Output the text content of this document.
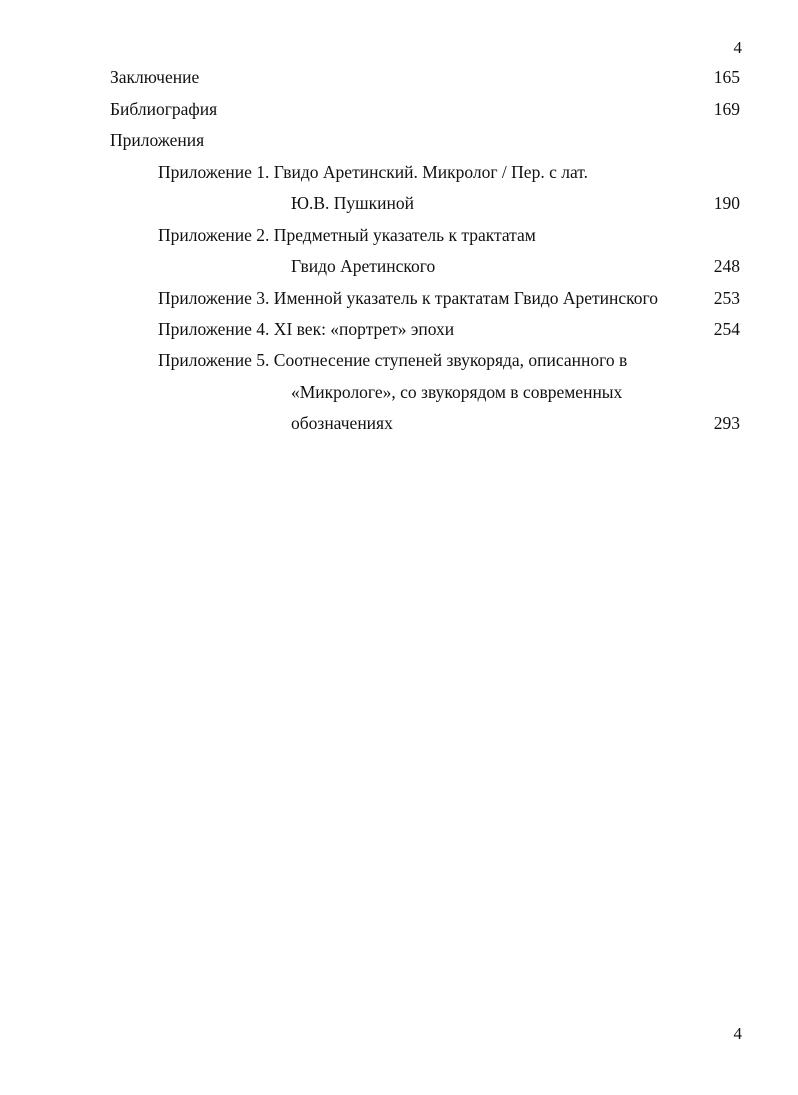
4
Заключение	165
Библиография	169
Приложения
Приложение 1. Гвидо Аретинский. Микролог / Пер. с лат.
Ю.В. Пушкиной	190
Приложение 2. Предметный указатель к трактатам
Гвидо Аретинского	248
Приложение 3. Именной указатель к трактатам Гвидо Аретинского	253
Приложение 4. XI век: «портрет» эпохи	254
Приложение 5. Соотнесение ступеней звукоряда, описанного в
«Микрологе», со звукорядом в современных
обозначениях	293
4
